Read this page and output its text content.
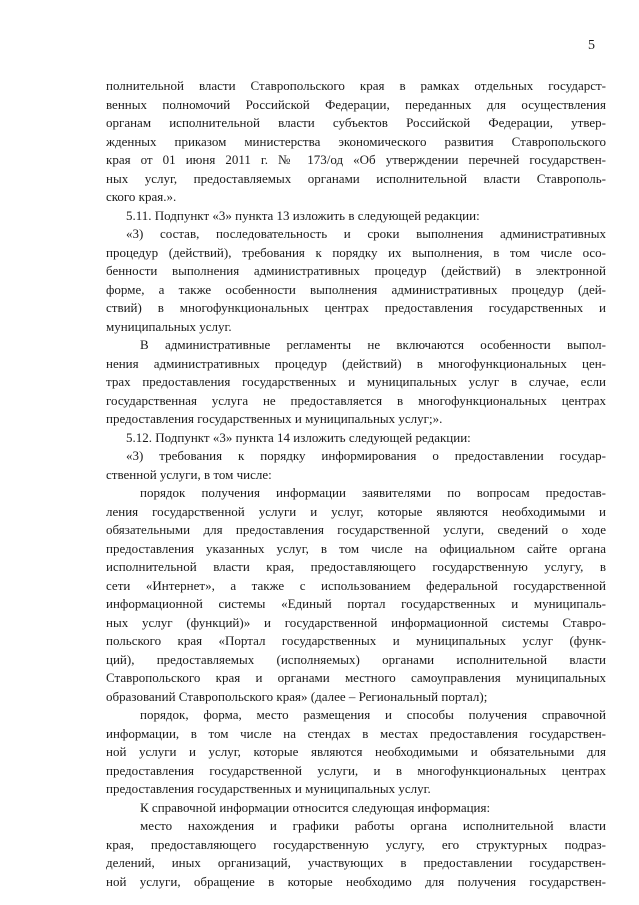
5
полнительной власти Ставропольского края в рамках отдельных государст-
венных полномочий Российской Федерации, переданных для осуществления
органам исполнительной власти субъектов Российской Федерации, утвер-
жденных приказом министерства экономического развития Ставропольского
края от 01 июня 2011 г. № 173/од «Об утверждении перечней государствен-
ных услуг, предоставляемых органами исполнительной власти Ставрополь-
ского края.».
5.11. Подпункт «3» пункта 13 изложить в следующей редакции:
«3) состав, последовательность и сроки выполнения административных
процедур (действий), требования к порядку их выполнения, в том числе осо-
бенности выполнения административных процедур (действий) в электронной
форме, а также особенности выполнения административных процедур (дей-
ствий) в многофункциональных центрах предоставления государственных и
муниципальных услуг.
В административные регламенты не включаются особенности выпол-
нения административных процедур (действий) в многофункциональных цен-
трах предоставления государственных и муниципальных услуг в случае, если
государственная услуга не предоставляется в многофункциональных центрах
предоставления государственных и муниципальных услуг;».
5.12. Подпункт «3» пункта 14 изложить следующей редакции:
«3) требования к порядку информирования о предоставлении государ-
ственной услуги, в том числе:
порядок получения информации заявителями по вопросам предостав-
ления государственной услуги и услуг, которые являются необходимыми и
обязательными для предоставления государственной услуги, сведений о ходе
предоставления указанных услуг, в том числе на официальном сайте органа
исполнительной власти края, предоставляющего государственную услугу, в
сети «Интернет», а также с использованием федеральной государственной
информационной системы «Единый портал государственных и муниципаль-
ных услуг (функций)» и государственной информационной системы Ставро-
польского края «Портал государственных и муниципальных услуг (функ-
ций), предоставляемых (исполняемых) органами исполнительной власти
Ставропольского края и органами местного самоуправления муниципальных
образований Ставропольского края» (далее – Региональный портал);
порядок, форма, место размещения и способы получения справочной
информации, в том числе на стендах в местах предоставления государствен-
ной услуги и услуг, которые являются необходимыми и обязательными для
предоставления государственной услуги, и в многофункциональных центрах
предоставления государственных и муниципальных услуг.
К справочной информации относится следующая информация:
место нахождения и графики работы органа исполнительной власти
края, предоставляющего государственную услугу, его структурных подраз-
делений, иных организаций, участвующих в предоставлении государствен-
ной услуги, обращение в которые необходимо для получения государствен-
